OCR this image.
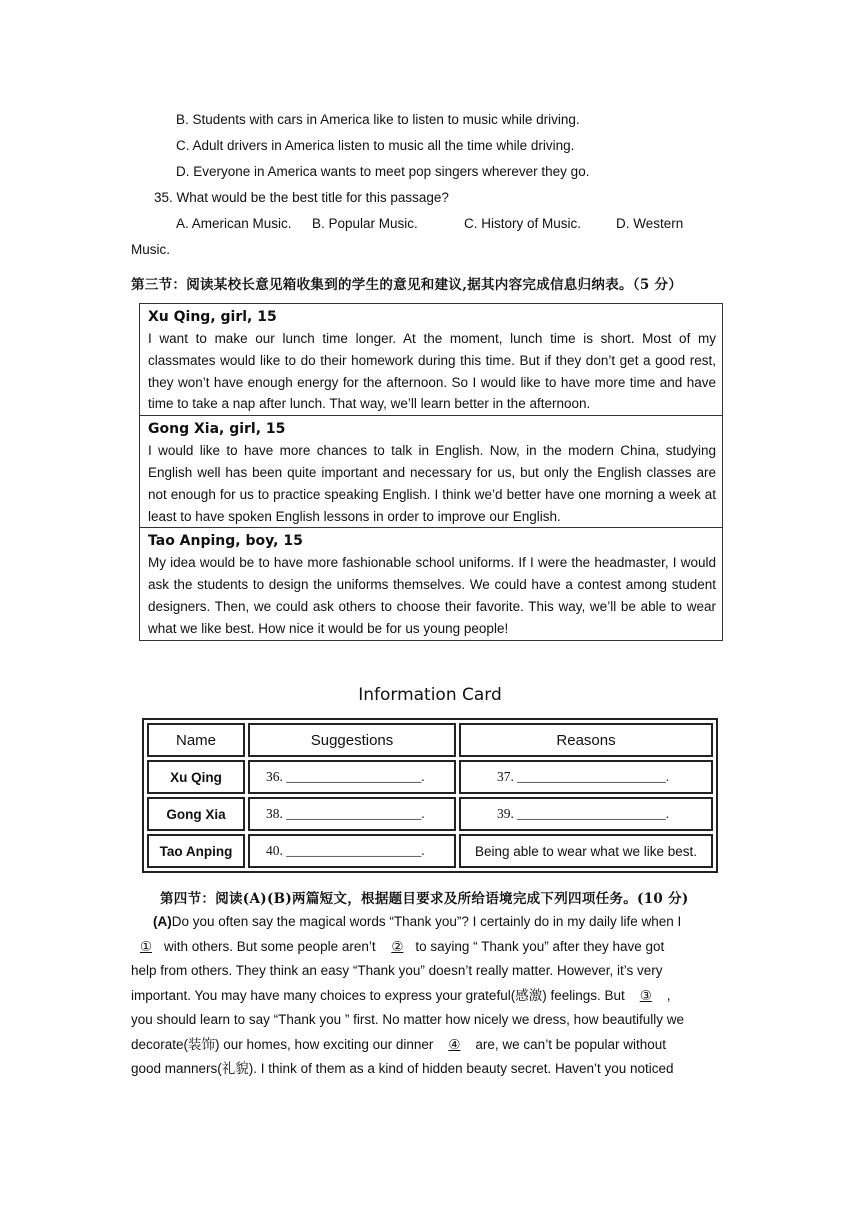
B. Students with cars in America like to listen to music while driving.
C. Adult drivers in America listen to music all the time while driving.
D. Everyone in America wants to meet pop singers wherever they go.
35. What would be the best title for this passage?
A. American Music. B. Popular Music.	C. History of Music.	D. Western
Music.
第三节：阅读某校长意见箱收集到的学生的意见和建议,据其内容完成信息归纳表。（5 分）
Xu Qing, girl, 15
I want to make our lunch time longer. At the moment, lunch time is short. Most of my classmates would like to do their homework during this time. But if they don’t get a good rest, they won’t have enough energy for the afternoon. So I would like to have more time and have time to take a nap after lunch. That way, we’ll learn better in the afternoon.
Gong Xia, girl, 15
I would like to have more chances to talk in English. Now, in the modern China, studying English well has been quite important and necessary for us, but only the English classes are not enough for us to practice speaking English. I think we’d better have one morning a week at least to have spoken English lessons in order to improve our English.
Tao Anping, boy, 15
My idea would be to have more fashionable school uniforms. If I were the headmaster, I would ask the students to design the uniforms themselves. We could have a contest among student designers. Then, we could ask others to choose their favorite. This way, we’ll be able to wear what we like best. How nice it would be for us young people!
Information Card
Name	Suggestions	Reasons
Xu Qing	36. ____________________.	37. ______________________.
Gong Xia	38. ____________________.	39. ______________________.
Tao Anping	40. ____________________.	Being able to wear what we like best.
第四节：阅读(A)(B)两篇短文，根据题目要求及所给语境完成下列四项任务。(10 分)
(A)Do you often say the magical words “Thank you”? I certainly do in my daily life when I
① with others. But some people aren’t ② to saying “ Thank you” after they have got
help from others. They think an easy “Thank you” doesn’t really matter. However, it’s very
important. You may have many choices to express your grateful(感激) feelings. But ③ ,
you should learn to say “Thank you ” first. No matter how nicely we dress, how beautifully we
decorate(装饰) our homes, how exciting our dinner ④ are, we can’t be popular without
good manners(礼貌). I think of them as a kind of hidden beauty secret. Haven’t you noticed
